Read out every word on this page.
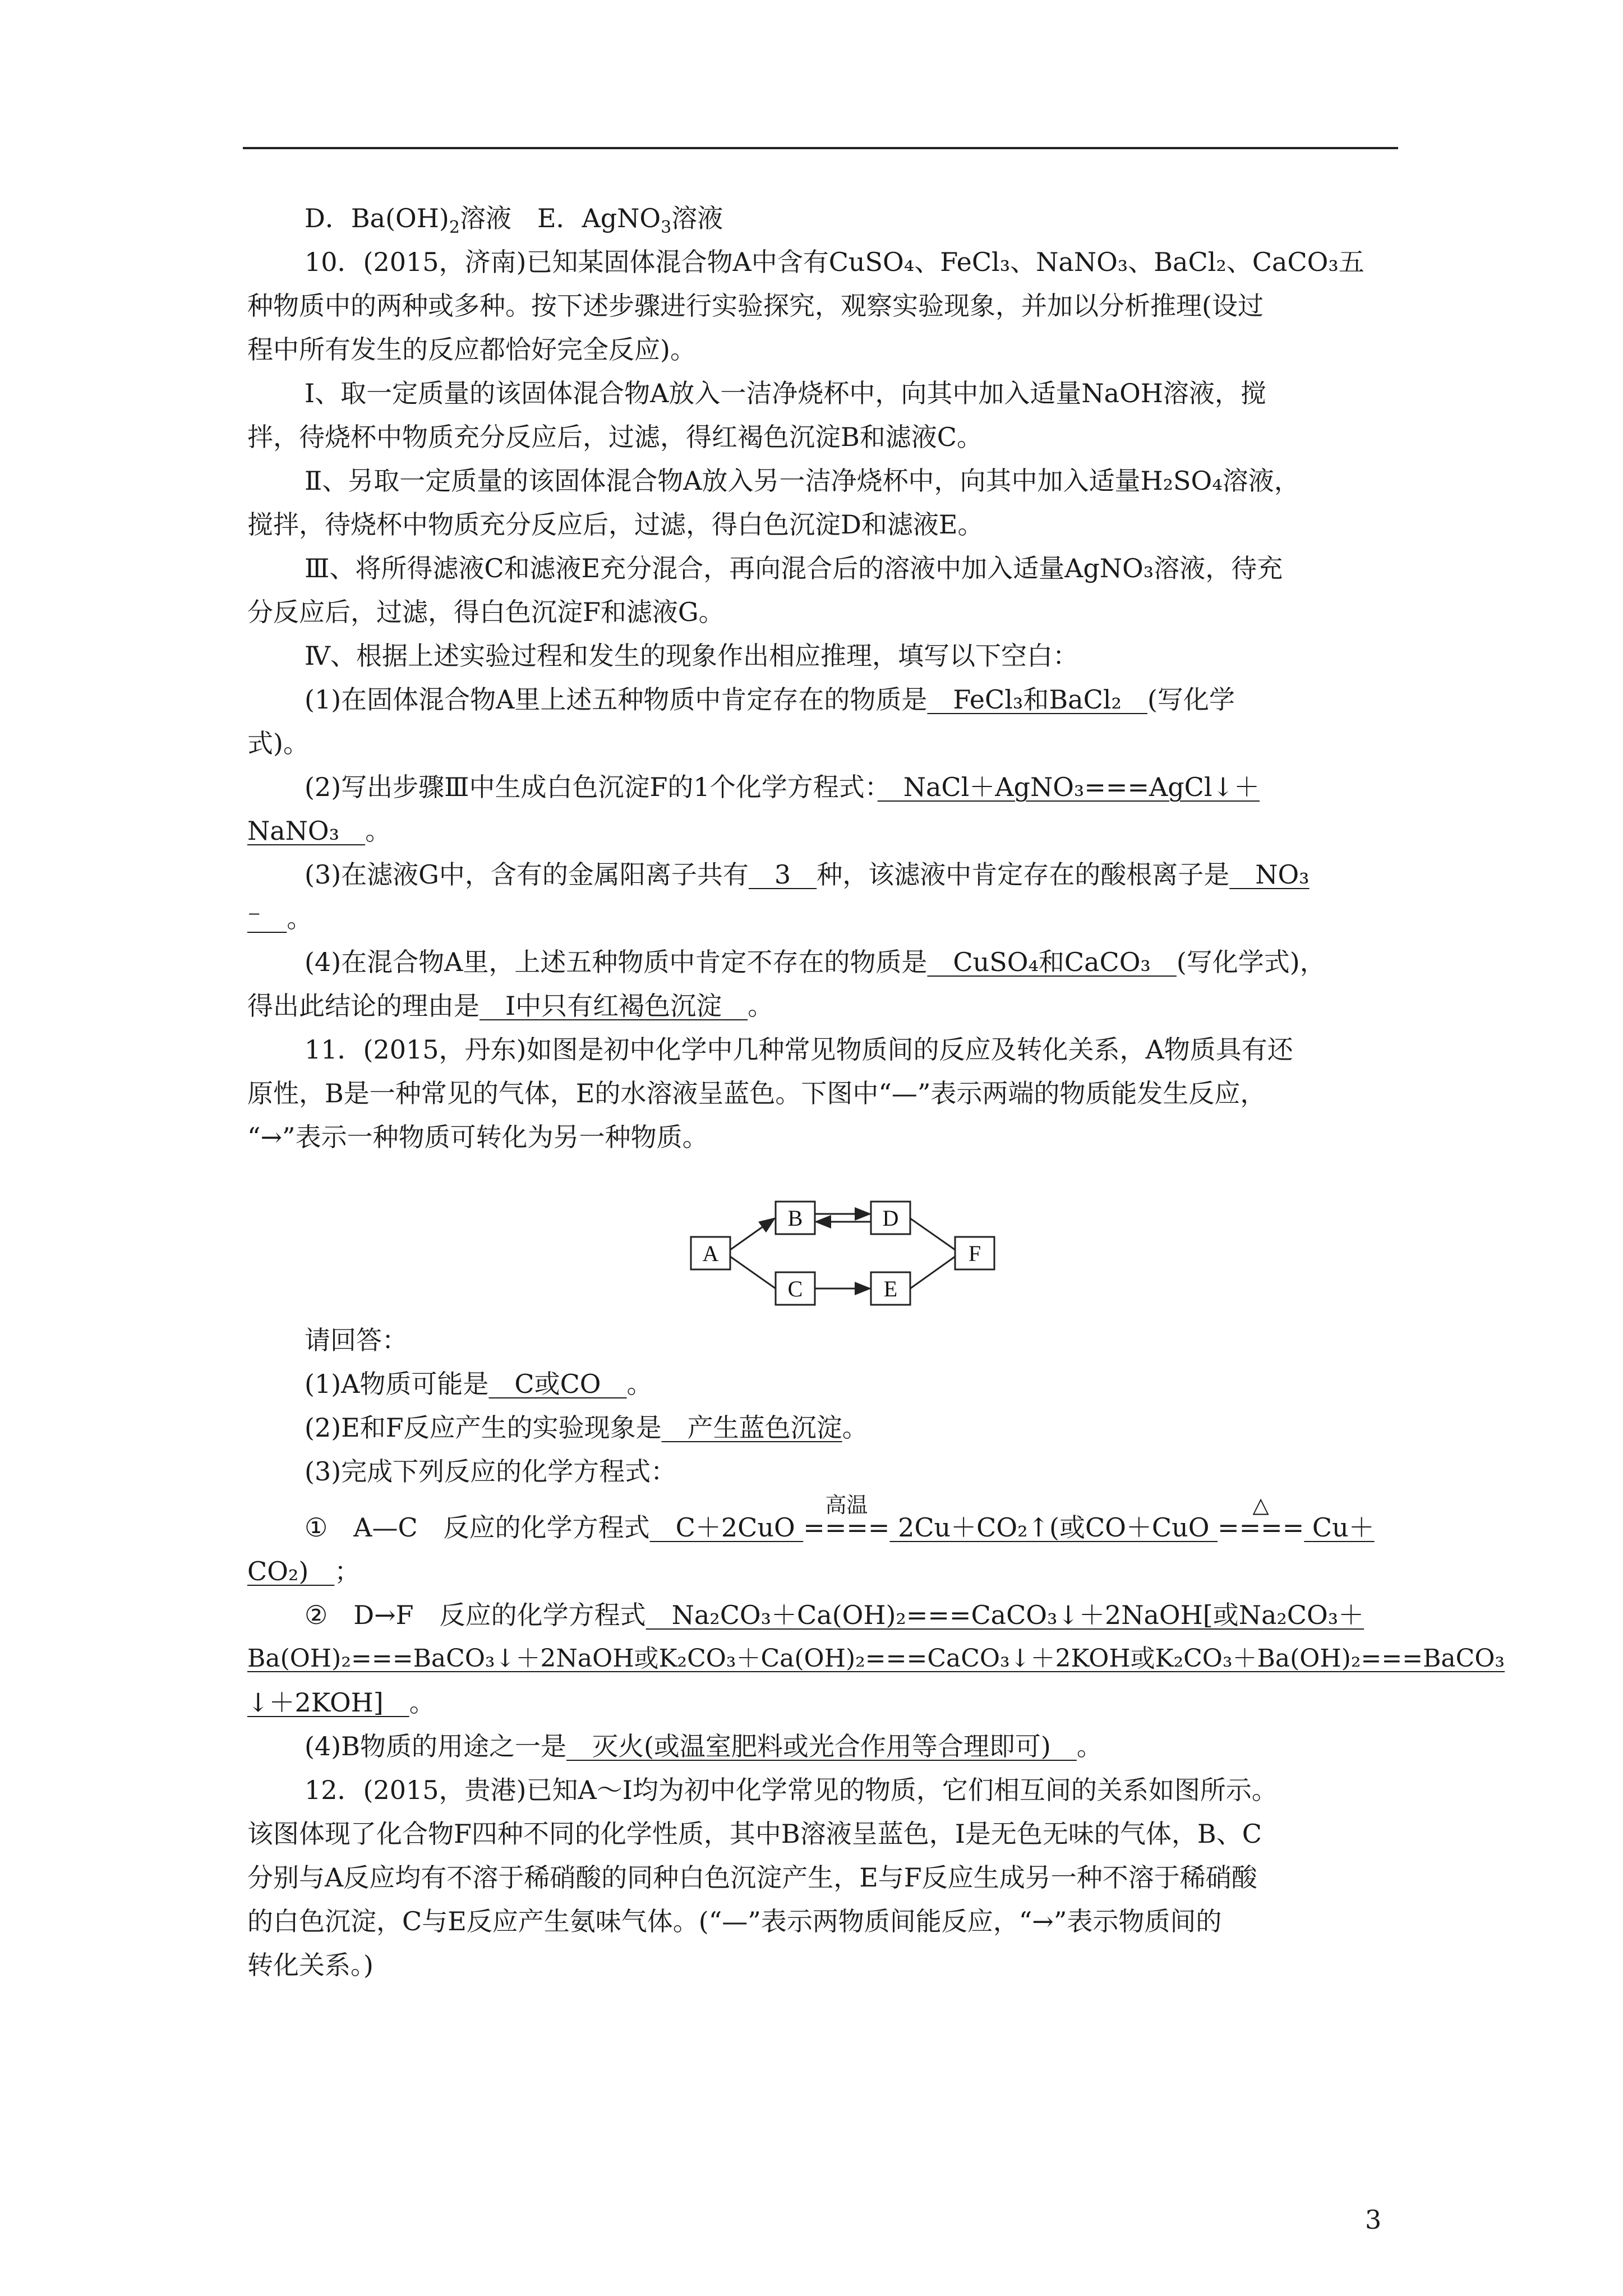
D．$Ba(OH)_2$溶液　E．AgNO$_3$溶液
10．(2015，济南)已知某固体混合物A中含有CuSO₄、FeCl₃、NaNO₃、BaCl₂、CaCO₃五
种物质中的两种或多种。按下述步骤进行实验探究，观察实验现象，并加以分析推理(设过
程中所有发生的反应都恰好完全反应)。
Ⅰ、取一定质量的该固体混合物A放入一洁净烧杯中，向其中加入适量NaOH溶液，搅
拌，待烧杯中物质充分反应后，过滤，得红褐色沉淀B和滤液C。
Ⅱ、另取一定质量的该固体混合物A放入另一洁净烧杯中，向其中加入适量H₂SO₄溶液，
搅拌，待烧杯中物质充分反应后，过滤，得白色沉淀D和滤液E。
Ⅲ、将所得滤液C和滤液E充分混合，再向混合后的溶液中加入适量AgNO₃溶液，待充
分反应后，过滤，得白色沉淀F和滤液G。
Ⅳ、根据上述实验过程和发生的现象作出相应推理，填写以下空白：
(1)在固体混合物A里上述五种物质中肯定存在的物质是　FeCl₃和BaCl₂　(写化学
式)。
(2)写出步骤Ⅲ中生成白色沉淀F的1个化学方程式：　NaCl＋AgNO₃===AgCl↓＋
NaNO₃　。
(3)在滤液G中，含有的金属阳离子共有　3　种，该滤液中肯定存在的酸根离子是　NO₃
⁻　。
(4)在混合物A里，上述五种物质中肯定不存在的物质是　CuSO₄和CaCO₃　(写化学式)，
得出此结论的理由是　Ⅰ中只有红褐色沉淀　。
11．(2015，丹东)如图是初中化学中几种常见物质间的反应及转化关系，A物质具有还
原性，B是一种常见的气体，E的水溶液呈蓝色。下图中“—”表示两端的物质能发生反应，
“→”表示一种物质可转化为另一种物质。
A
B	D
C	E
F
请回答：
(1)A物质可能是　C或CO　。
(2)E和F反应产生的实验现象是　产生蓝色沉淀。
(3)完成下列反应的化学方程式：
①　A—C　反应的化学方程式　C＋2CuO
高温
==== 2Cu＋CO₂↑(或CO＋CuO
△
==== Cu＋
CO₂)　；
②　D→F　反应的化学方程式　Na₂CO₃＋Ca(OH)₂===CaCO₃↓＋2NaOH[或Na₂CO₃＋
Ba(OH)₂===BaCO₃↓＋2NaOH或K₂CO₃＋Ca(OH)₂===CaCO₃↓＋2KOH或K₂CO₃＋Ba(OH)₂===BaCO₃
↓＋2KOH]　。
(4)B物质的用途之一是　灭火(或温室肥料或光合作用等合理即可)　。
12．(2015，贵港)已知A～I均为初中化学常见的物质，它们相互间的关系如图所示。
该图体现了化合物F四种不同的化学性质，其中B溶液呈蓝色，I是无色无味的气体，B、C
分别与A反应均有不溶于稀硝酸的同种白色沉淀产生，E与F反应生成另一种不溶于稀硝酸
的白色沉淀，C与E反应产生氨味气体。(“—”表示两物质间能反应，“→”表示物质间的
转化关系。)
3
